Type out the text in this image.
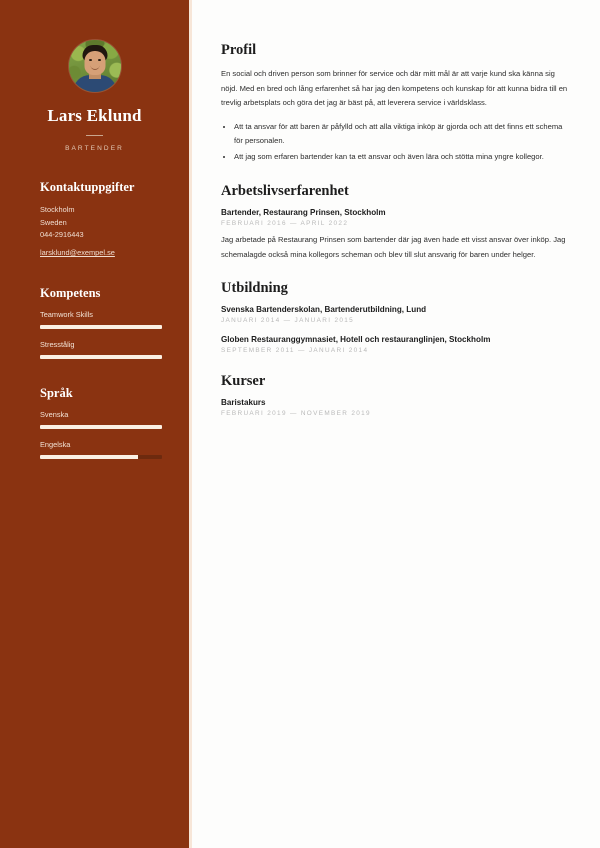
Lars Eklund
BARTENDER
Kontaktuppgifter
Stockholm
Sweden
044-2916443
larsklund@exempel.se
Kompetens
Teamwork Skills
Stresstålig
Språk
Svenska
Engelska
Profil

En social och driven person som brinner för service och där mitt mål är att varje kund ska känna sig nöjd. Med en bred och lång erfarenhet så har jag den kompetens och kunskap för att kunna bidra till en trevlig arbetsplats och göra det jag är bäst på, att leverera service i världsklass.

• Att ta ansvar för att baren är påfylld och att alla viktiga inköp är gjorda och att det finns ett schema för personalen.
• Att jag som erfaren bartender kan ta ett ansvar och även lära och stötta mina yngre kollegor.
Arbetslivserfarenhet
Bartender, Restaurang Prinsen, Stockholm
FEBRUARI 2016 — APRIL 2022

Jag arbetade på Restaurang Prinsen som bartender där jag även hade ett visst ansvar över inköp. Jag schemalagde också mina kollegors scheman och blev till slut ansvarig för baren under helger.

Utbildning
Svenska Bartenderskolan, Bartenderutbildning, Lund
JANUARI 2014 — JANUARI 2015
Globen Restauranggymnasiet, Hotell och restauranglinjen, Stockholm
SEPTEMBER 2011 — JANUARI 2014
Kurser
Baristakurs
FEBRUARI 2019 — NOVEMBER 2019
